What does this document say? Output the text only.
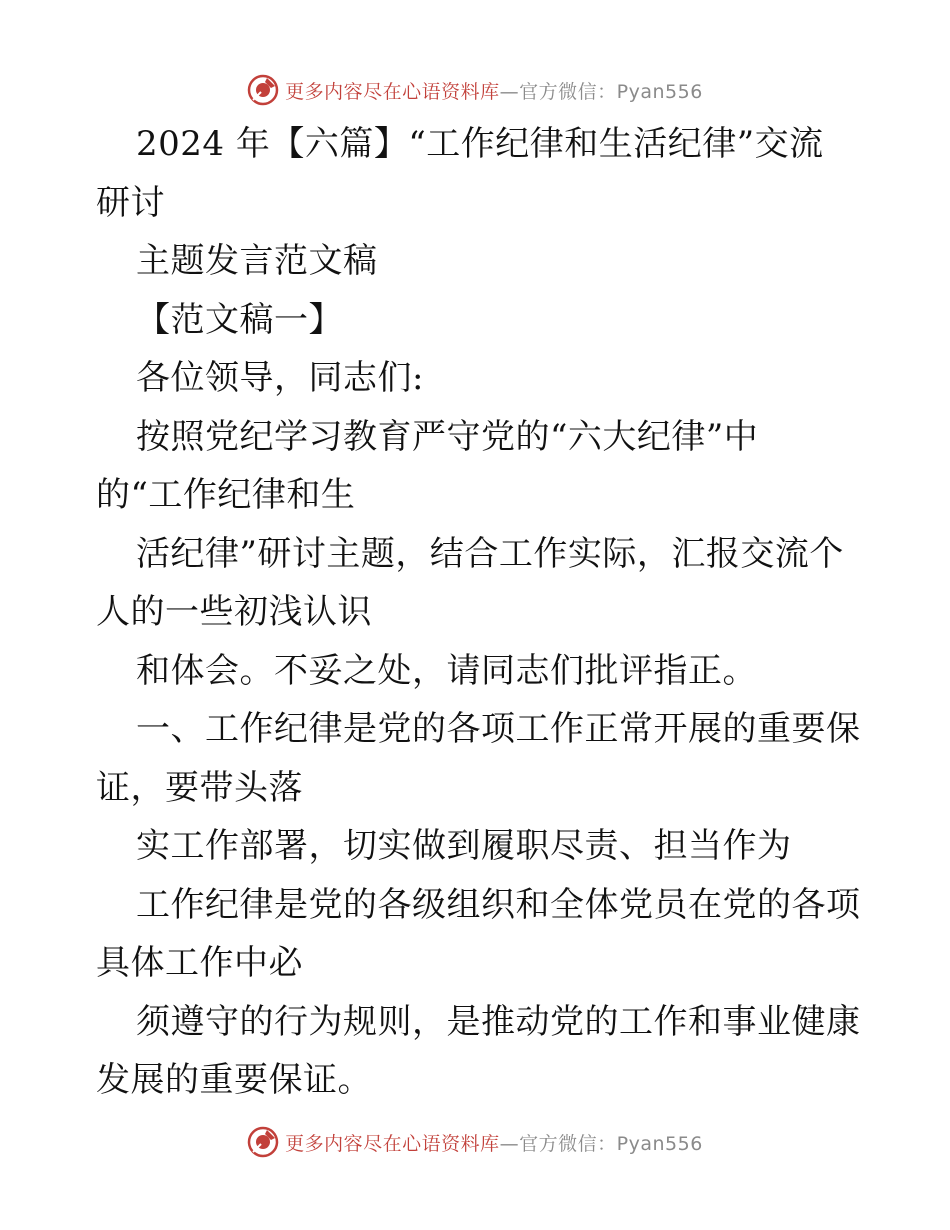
更多内容尽在心语资料库—官方微信：Pyan556
2024 年【六篇】“工作纪律和生活纪律”交流
研讨
主题发言范文稿
【范文稿一】
各位领导，同志们:
按照党纪学习教育严守党的“六大纪律”中
的“工作纪律和生
活纪律”研讨主题，结合工作实际，汇报交流个
人的一些初浅认识
和体会。不妥之处，请同志们批评指正。
一、工作纪律是党的各项工作正常开展的重要保
证，要带头落
实工作部署，切实做到履职尽责、担当作为
工作纪律是党的各级组织和全体党员在党的各项
具体工作中必
须遵守的行为规则，是推动党的工作和事业健康
发展的重要保证。
更多内容尽在心语资料库—官方微信：Pyan556
